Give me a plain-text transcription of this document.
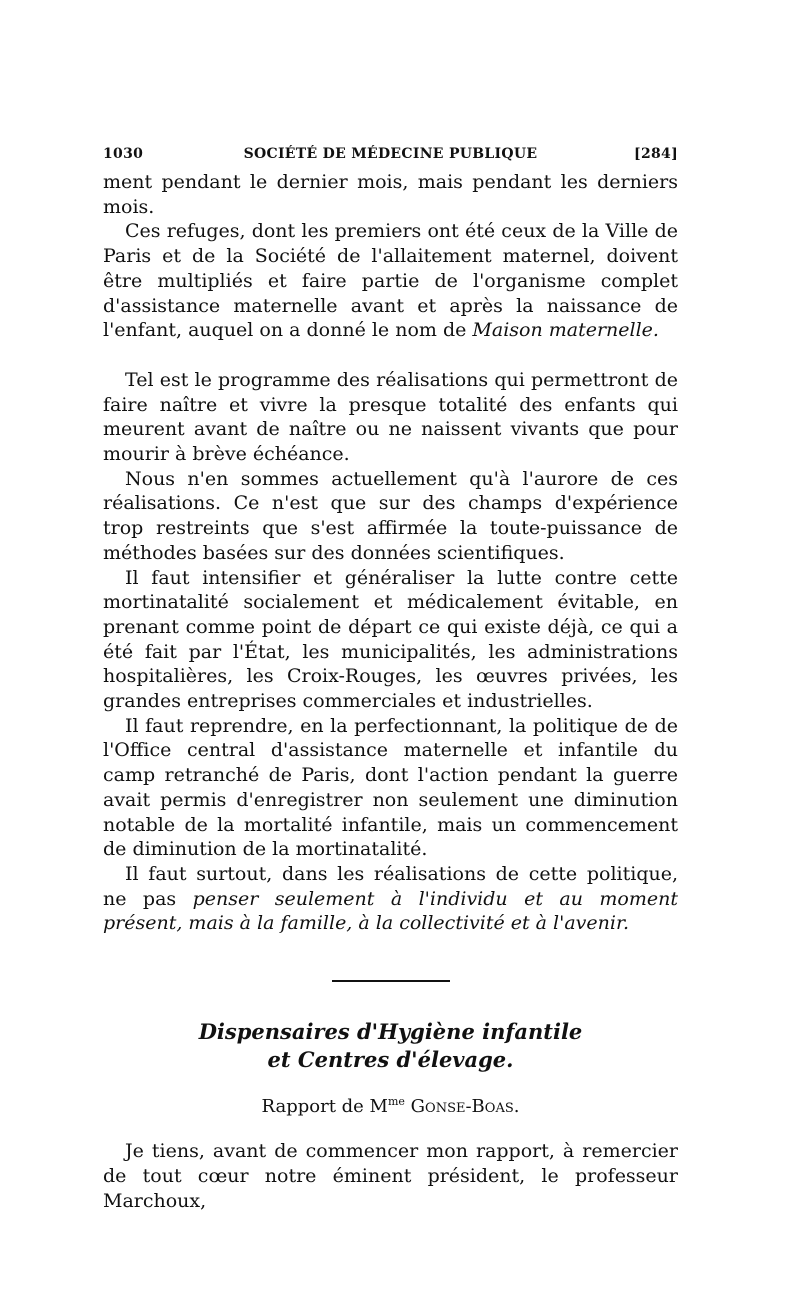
1030	SOCIÉTÉ DE MÉDECINE PUBLIQUE	[284]

ment pendant le dernier mois, mais pendant les derniers mois.

Ces refuges, dont les premiers ont été ceux de la Ville de Paris et de la Société de l'allaitement maternel, doivent être multipliés et faire partie de l'organisme complet d'assistance maternelle avant et après la naissance de l'enfant, auquel on a donné le nom de Maison maternelle.

Tel est le programme des réalisations qui permettront de faire naître et vivre la presque totalité des enfants qui meurent avant de naître ou ne naissent vivants que pour mourir à brève échéance.

Nous n'en sommes actuellement qu'à l'aurore de ces réalisations. Ce n'est que sur des champs d'expérience trop restreints que s'est affirmée la toute-puissance de méthodes basées sur des données scientifiques.

Il faut intensifier et généraliser la lutte contre cette mortinatalité socialement et médicalement évitable, en prenant comme point de départ ce qui existe déjà, ce qui a été fait par l'État, les municipalités, les administrations hospitalières, les Croix-Rouges, les œuvres privées, les grandes entreprises commerciales et industrielles.

Il faut reprendre, en la perfectionnant, la politique de de l'Office central d'assistance maternelle et infantile du camp retranché de Paris, dont l'action pendant la guerre avait permis d'enregistrer non seulement une diminution notable de la mortalité infantile, mais un commencement de diminution de la mortinatalité.

Il faut surtout, dans les réalisations de cette politique, ne pas penser seulement à l'individu et au moment présent, mais à la famille, à la collectivité et à l'avenir.

Dispensaires d'Hygiène infantile
et Centres d'élevage.
Rapport de $M^{me}$ Gonse-Boas.

Je tiens, avant de commencer mon rapport, à remercier de tout cœur notre éminent président, le professeur Marchoux,
